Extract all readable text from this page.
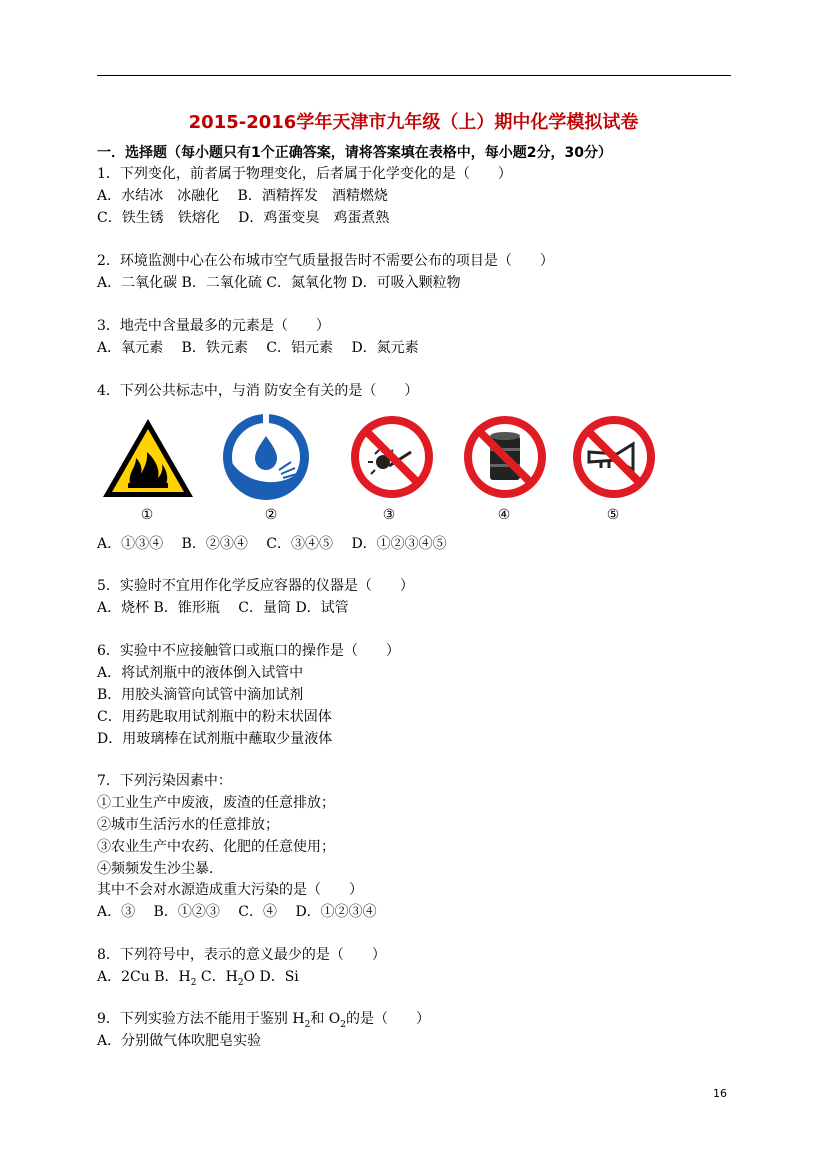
2015-2016学年天津市九年级（上）期中化学模拟试卷
一．选择题（每小题只有1个正确答案，请将答案填在表格中，每小题2分，30分）
1．下列变化，前者属于物理变化，后者属于化学变化的是（　　）
A．水结冰　冰融化　 B．酒精挥发　酒精燃烧
C．铁生锈　铁熔化　 D．鸡蛋变臭　鸡蛋煮熟
2．环境监测中心在公布城市空气质量报告时不需要公布的项目是（　　）
A．二氧化碳 B．二氧化硫 C．氮氧化物 D．可吸入颗粒物
3．地壳中含量最多的元素是（　　）
A．氧元素　 B．铁元素　 C．铝元素　 D．氮元素
4．下列公共标志中，与消 防安全有关的是（　　）
①	②	③	④	⑤
A．①③④　 B．②③④　 C．③④⑤　 D．①②③④⑤
5．实验时不宜用作化学反应容器的仪器是（　　）
A．烧杯 B．锥形瓶　 C．量筒 D．试管
6．实验中不应接触管口或瓶口的操作是（　　）
A．将试剂瓶中的液体倒入试管中
B．用胶头滴管向试管中滴加试剂
C．用药匙取用试剂瓶中的粉末状固体
D．用玻璃棒在试剂瓶中蘸取少量液体
7．下列污染因素中：
①工业生产中废液，废渣的任意排放；
②城市生活污水的任意排放；
③农业生产中农药、化肥的任意使用；
④频频发生沙尘暴．
其中不会对水源造成重大污染的是（　　）
A．③　 B．①②③　 C．④　 D．①②③④
8．下列符号中，表示的意义最少的是（　　）
A．2Cu B．$H_2$ C．$H_2O$ D．Si
9．下列实验方法不能用于鉴别 $H_2$和 $O_2$的是（　　）
A．分别做气体吹肥皂实验
16
